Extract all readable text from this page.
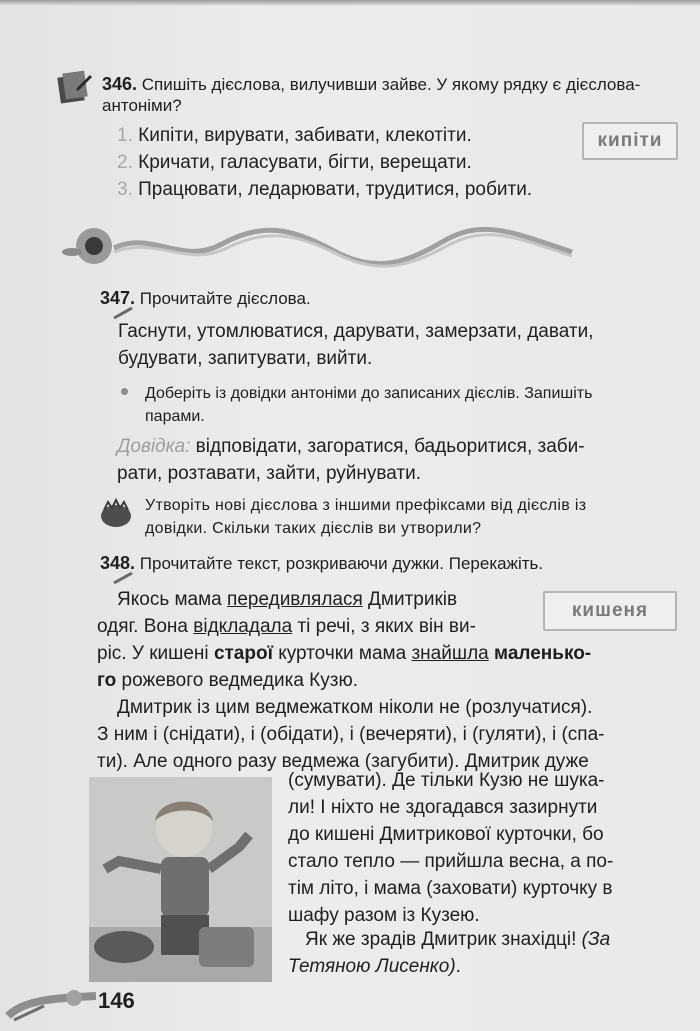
346. Спишіть дієслова, вилучивши зайве. У якому рядку є дієслова-
антоніми?
1. Кипіти, вирувати, забивати, клекотіти.
2. Кричати, галасувати, бігти, верещати.
3. Працювати, ледарювати, трудитися, робити.
кипіти
347. Прочитайте дієслова.
Гаснути, утомлюватися, дарувати, замерзати, давати,
будувати, запитувати, вийти.
Доберіть із довідки антоніми до записаних дієслів. Запишіть
парами.
Довідка: відповідати, загоратися, бадьоритися, заби-
рати, розтавати, зайти, руйнувати.
Утворіть нові дієслова з іншими префіксами від дієслів із
довідки. Скільки таких дієслів ви утворили?
348. Прочитайте текст, розкриваючи дужки. Перекажіть.
кишеня
Якось мама передивлялася Дмитриків
одяг. Вона відкладала ті речі, з яких він ви-
ріс. У кишені старої курточки мама знайшла маленько-
го рожевого ведмедика Кузю.
Дмитрик із цим ведмежатком ніколи не (розлучатися).
З ним і (снідати), і (обідати), і (вечеряти), і (гуляти), і (спа-
ти). Але одного разу ведмежа (загубити). Дмитрик дуже
(сумувати). Де тільки Кузю не шука-
ли! І ніхто не здогадався зазирнути
до кишені Дмитрикової курточки, бо
стало тепло — прийшла весна, а по-
тім літо, і мама (заховати) курточку в
шафу разом із Кузею.
Як же зрадів Дмитрик знахідці! (За
Тетяною Лисенко).
146
